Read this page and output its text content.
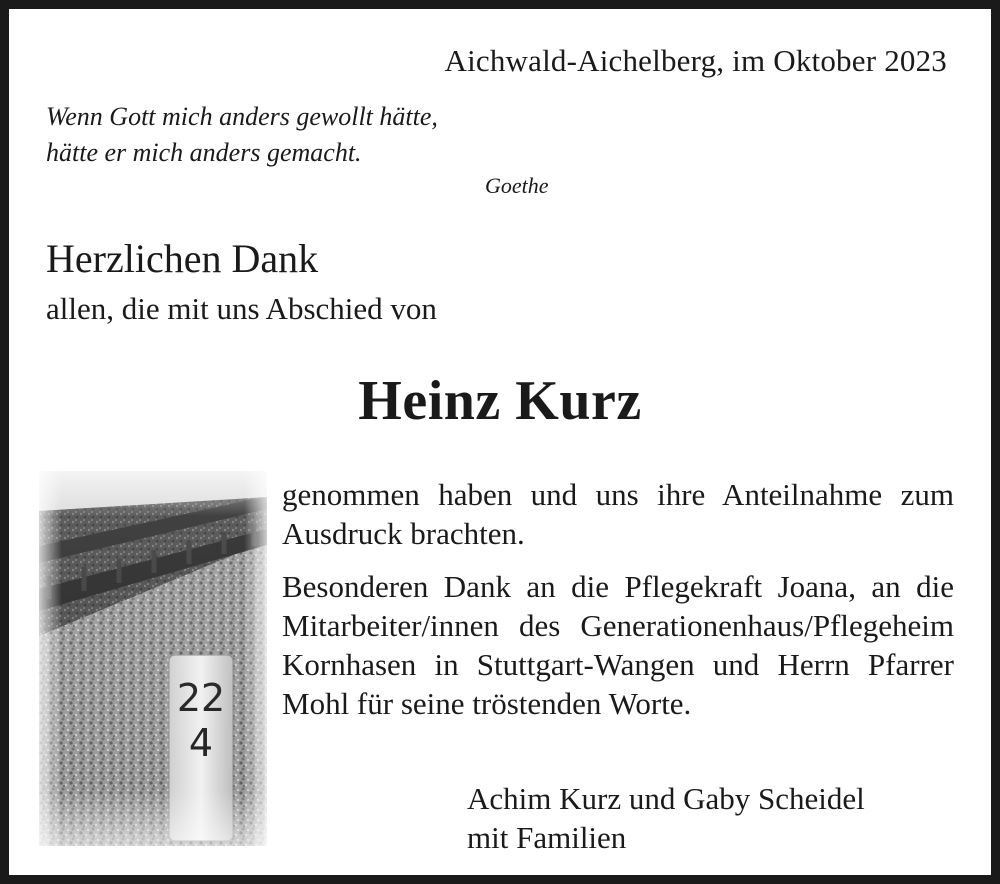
Aichwald-Aichelberg, im Oktober 2023
Wenn Gott mich anders gewollt hätte,
hätte er mich anders gemacht.
Goethe
Herzlichen Dank
allen, die mit uns Abschied von
Heinz Kurz

genommen haben und uns ihre Anteilnahme zum Ausdruck brachten.

Besonderen Dank an die Pflegekraft Joana, an die Mitarbeiter/innen des Generationenhaus/Pflegeheim Kornhasen in Stuttgart-Wangen und Herrn Pfarrer Mohl für seine tröstenden Worte.

Achim Kurz und Gaby Scheidel
mit Familien
